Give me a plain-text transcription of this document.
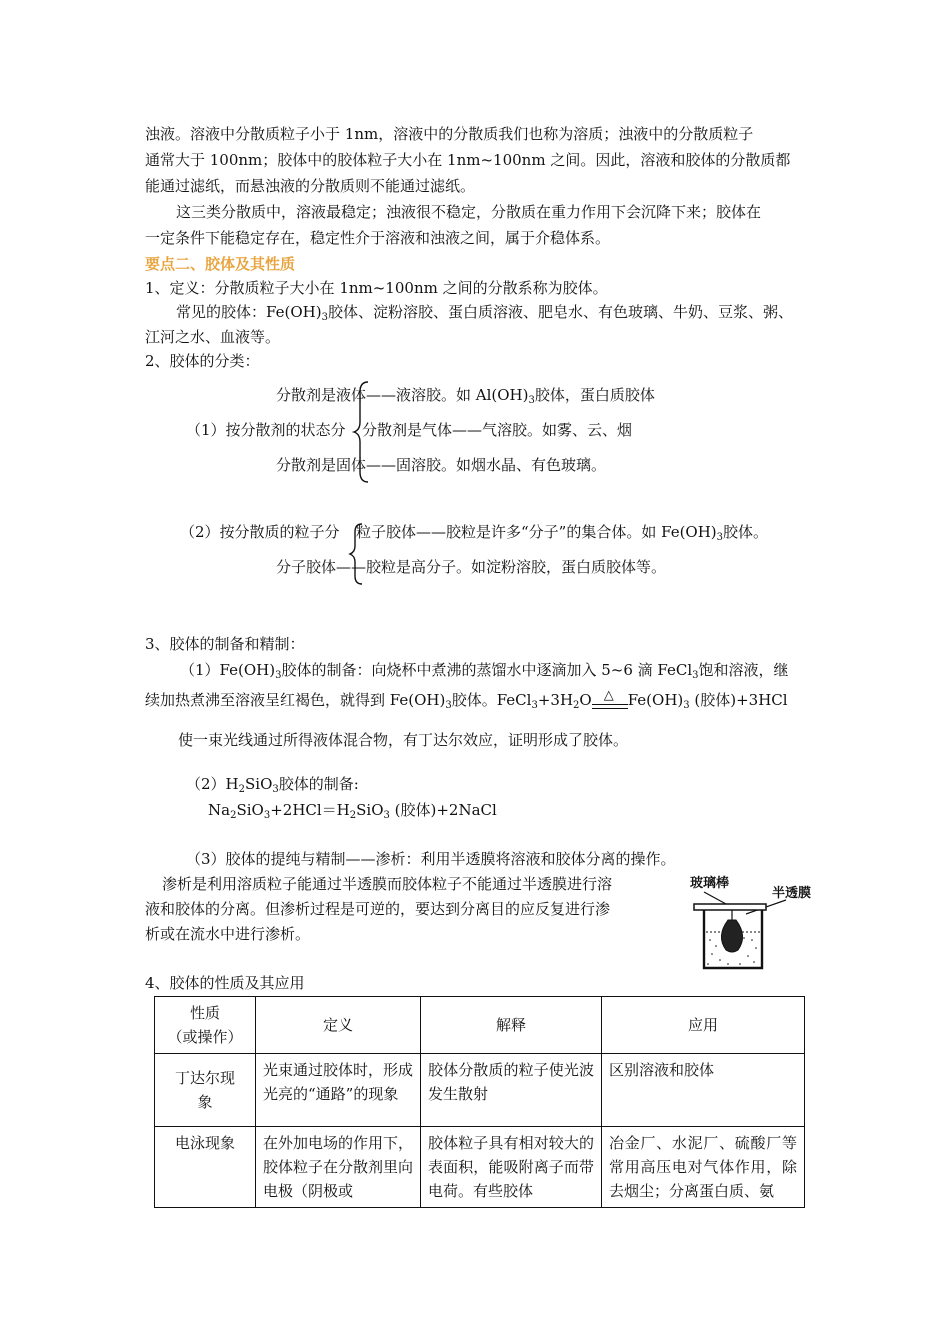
浊液。溶液中分散质粒子小于 1nm，溶液中的分散质我们也称为溶质；浊液中的分散质粒子
通常大于 100nm；胶体中的胶体粒子大小在 1nm~100nm 之间。因此，溶液和胶体的分散质都
能通过滤纸，而悬浊液的分散质则不能通过滤纸。
这三类分散质中，溶液最稳定；浊液很不稳定，分散质在重力作用下会沉降下来；胶体在
一定条件下能稳定存在，稳定性介于溶液和浊液之间，属于介稳体系。
要点二、胶体及其性质
1、定义：分散质粒子大小在 1nm~100nm 之间的分散系称为胶体。
常见的胶体：$Fe(OH)_3$胶体、淀粉溶胶、蛋白质溶液、肥皂水、有色玻璃、牛奶、豆浆、粥、
江河之水、血液等。
2、胶体的分类：
分散剂是液体——液溶胶。如 $Al(OH)_3$胶体，蛋白质胶体
（1）按分散剂的状态分 分散剂是气体——气溶胶。如雾、云、烟
分散剂是固体——固溶胶。如烟水晶、有色玻璃。
（2）按分散质的粒子分 粒子胶体——胶粒是许多“分子”的集合体。如 $Fe(OH)_3$胶体。
分子胶体——胶粒是高分子。如淀粉溶胶，蛋白质胶体等。
3、胶体的制备和精制：
$(1)Fe(OH)_3$胶体的制备：向烧杯中煮沸的蒸馏水中逐滴加入 5~6 滴 FeCl$_3$饱和溶液，继
续加热煮沸至溶液呈红褐色，就得到 $Fe(OH)_3$胶体。$FeCl_3+3H_2O$ △ $Fe(OH)_3$ (胶体)+3HCl
使一束光线通过所得液体混合物，有丁达尔效应，证明形成了胶体。
$(2)H_2SiO_3$胶体的制备:
$Na_2SiO_3+2HCl=H_2SiO_3$ (胶体)+2NaCl
（3）胶体的提纯与精制——渗析：利用半透膜将溶液和胶体分离的操作。
渗析是利用溶质粒子能通过半透膜而胶体粒子不能通过半透膜进行溶
液和胶体的分离。但渗析过程是可逆的，要达到分离目的应反复进行渗
析或在流水中进行渗析。
玻璃棒
半透膜
4、胶体的性质及其应用
性质
（或操作）	定义	解释	应用
丁达尔现象	光束通过胶体时，形成光亮的“通路”的现象	胶体分散质的粒子使光波发生散射	区别溶液和胶体
电泳现象	在外加电场的作用下，胶体粒子在分散剂里向电极（阴极或	胶体粒子具有相对较大的表面积，能吸附离子而带电荷。有些胶体	冶金厂、水泥厂、硫酸厂等常用高压电对气体作用，除去烟尘；分离蛋白质、氨
